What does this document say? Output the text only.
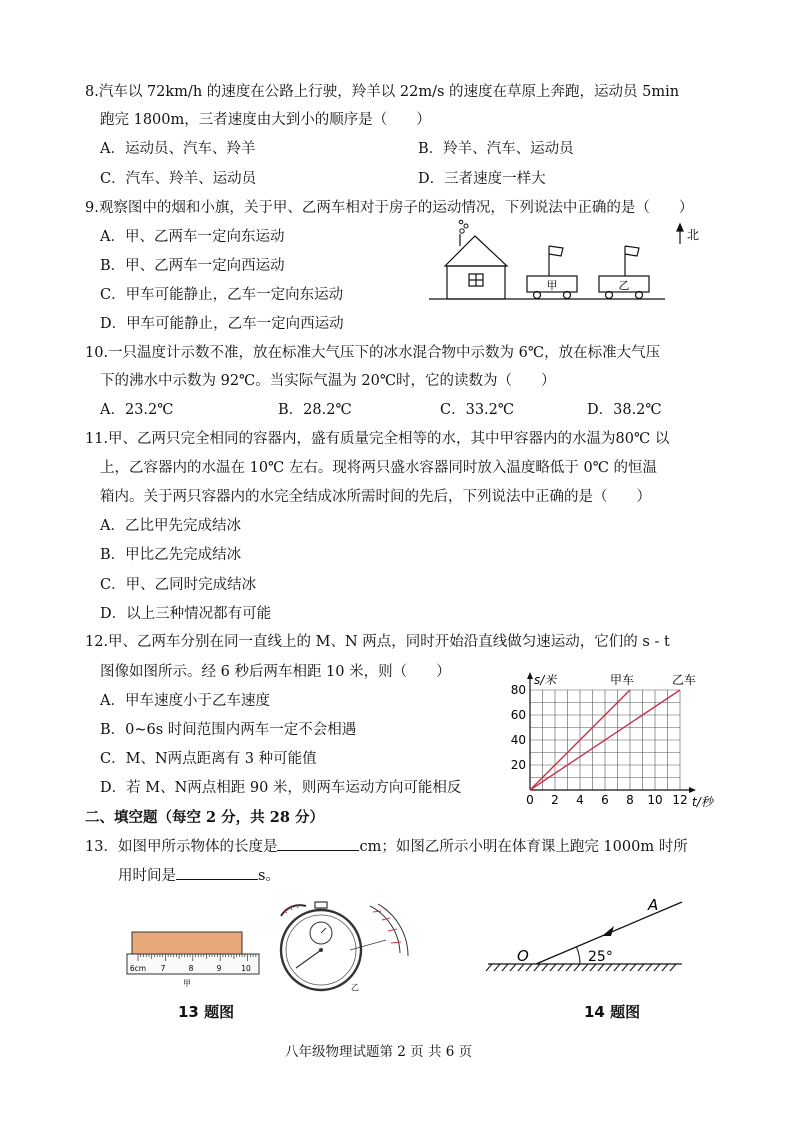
8.汽车以 72km/h 的速度在公路上行驶，羚羊以 22m/s 的速度在草原上奔跑，运动员 5min
跑完 1800m，三者速度由大到小的顺序是（　　）
A．运动员、汽车、羚羊	B．羚羊、汽车、运动员
C．汽车、羚羊、运动员	D．三者速度一样大
9.观察图中的烟和小旗，关于甲、乙两车相对于房子的运动情况，下列说法中正确的是（　　）
A．甲、乙两车一定向东运动
B．甲、乙两车一定向西运动
C．甲车可能静止，乙车一定向东运动
D．甲车可能静止，乙车一定向西运动
甲	乙
北
10.一只温度计示数不准，放在标准大气压下的冰水混合物中示数为 6℃，放在标准大气压
下的沸水中示数为 92℃。当实际气温为 20℃时，它的读数为（　　）
A．23.2℃	B．28.2℃	C．33.2℃	D．38.2℃
11.甲、乙两只完全相同的容器内，盛有质量完全相等的水，其中甲容器内的水温为80℃ 以
上，乙容器内的水温在 10℃ 左右。现将两只盛水容器同时放入温度略低于 0℃ 的恒温
箱内。关于两只容器内的水完全结成冰所需时间的先后，下列说法中正确的是（　　）
A．乙比甲先完成结冰
B．甲比乙先完成结冰
C．甲、乙同时完成结冰
D．以上三种情况都有可能
12.甲、乙两车分别在同一直线上的 M、N 两点，同时开始沿直线做匀速运动，它们的 s - t
图像如图所示。经 6 秒后两车相距 10 米，则（　　）
A．甲车速度小于乙车速度
B．0~6s 时间范围内两车一定不会相遇
C．M、N两点距离有 3 种可能值
D．若 M、N两点相距 90 米，则两车运动方向可能相反
甲车	乙车
0 2 4 6 8 10 12
20
40
60
80
t/秒
s/米
二、填空题（每空 2 分，共 28 分）
13．如图甲所示物体的长度是	cm；如图乙所示小明在体育课上跑完 1000m 时所
用时间是	s。
6cm 7	8	9	10
甲	乙
O
A
25°
13 题图	14 题图
八年级物理试题第 2 页 共 6 页
